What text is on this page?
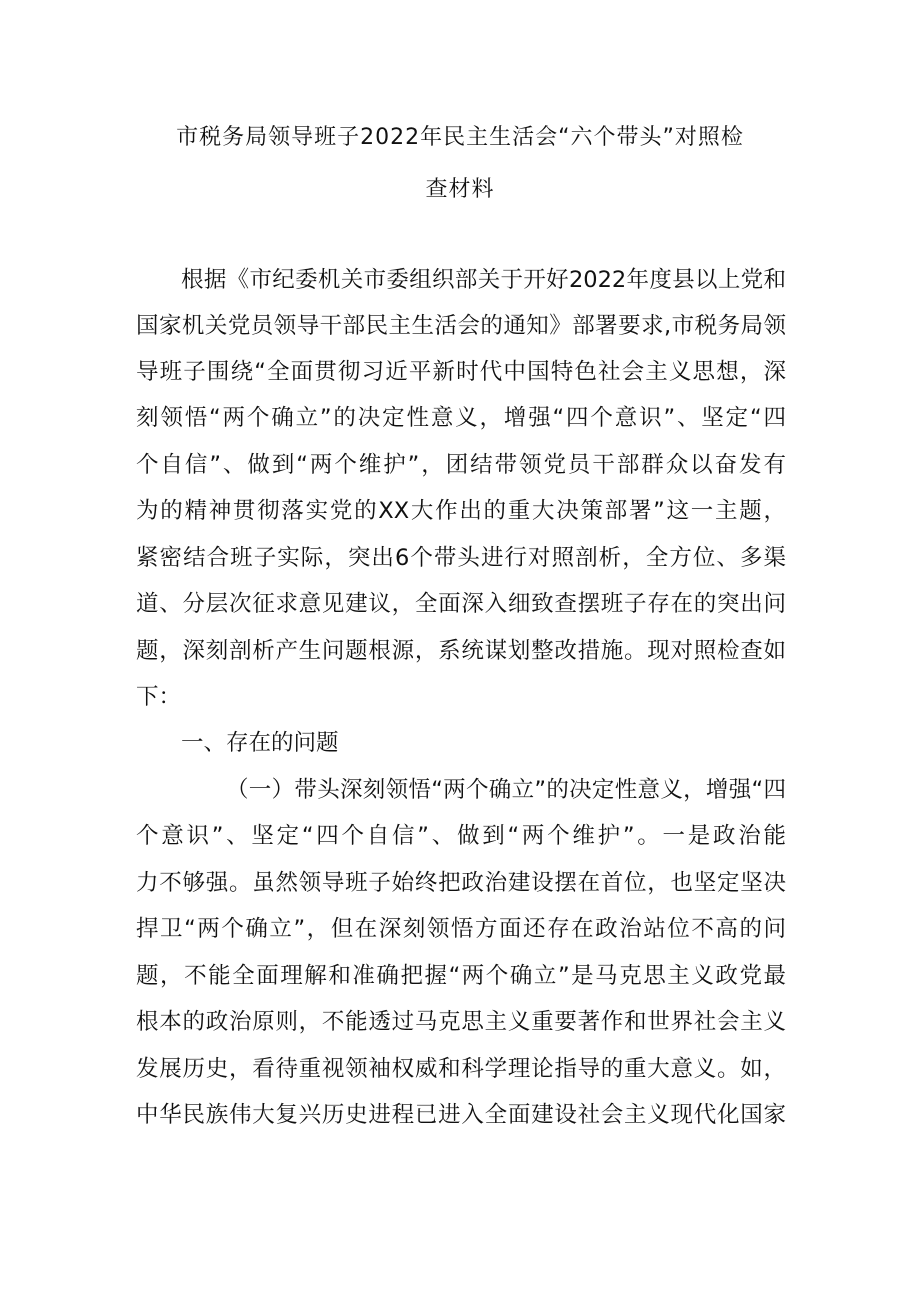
市税务局领导班子2022年民主生活会“六个带头”对照检
查材料
根据《市纪委机关市委组织部关于开好2022年度县以上党和
国家机关党员领导干部民主生活会的通知》部署要求,市税务局领
导班子围绕“全面贯彻习近平新时代中国特色社会主义思想，深
刻领悟“两个确立”的决定性意义，增强“四个意识”、坚定“四
个自信”、做到“两个维护”，团结带领党员干部群众以奋发有
为的精神贯彻落实党的XX大作出的重大决策部署”这一主题，
紧密结合班子实际，突出6个带头进行对照剖析，全方位、多渠
道、分层次征求意见建议，全面深入细致查摆班子存在的突出问
题，深刻剖析产生问题根源，系统谋划整改措施。现对照检查如
下：
一、存在的问题
（一）带头深刻领悟“两个确立”的决定性意义，增强“四
个意识”、坚定“四个自信”、做到“两个维护”。一是政治能
力不够强。虽然领导班子始终把政治建设摆在首位，也坚定坚决
捍卫“两个确立”，但在深刻领悟方面还存在政治站位不高的问
题，不能全面理解和准确把握“两个确立”是马克思主义政党最
根本的政治原则，不能透过马克思主义重要著作和世界社会主义
发展历史，看待重视领袖权威和科学理论指导的重大意义。如，
中华民族伟大复兴历史进程已进入全面建设社会主义现代化国家
